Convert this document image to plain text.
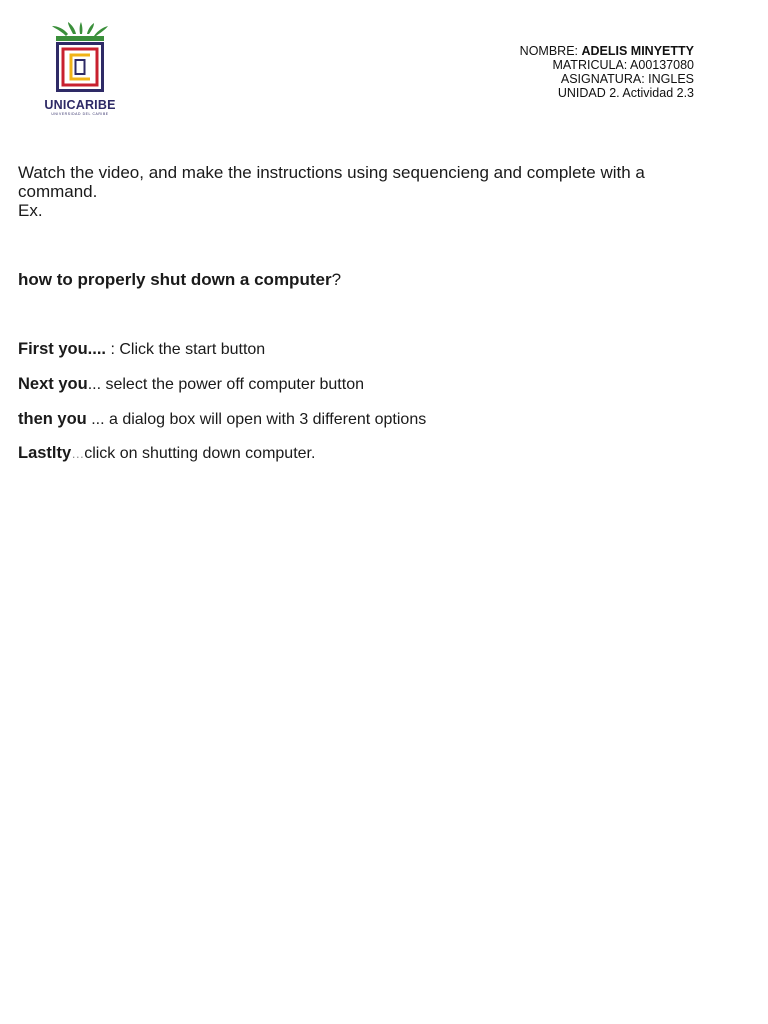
UNICARIBE
UNIVERSIDAD DEL CARIBE
NOMBRE: ADELIS MINYETTY
MATRICULA: A00137080
ASIGNATURA: INGLES
UNIDAD 2. Actividad 2.3
Watch the video, and make the instructions using sequencieng and complete with a
command.
Ex.
how to properly shut down a computer?
First you.... : Click the start button
Next you... select the power off computer button
then you ... a dialog box will open with 3 different options
Lastlty…click on shutting down computer.
